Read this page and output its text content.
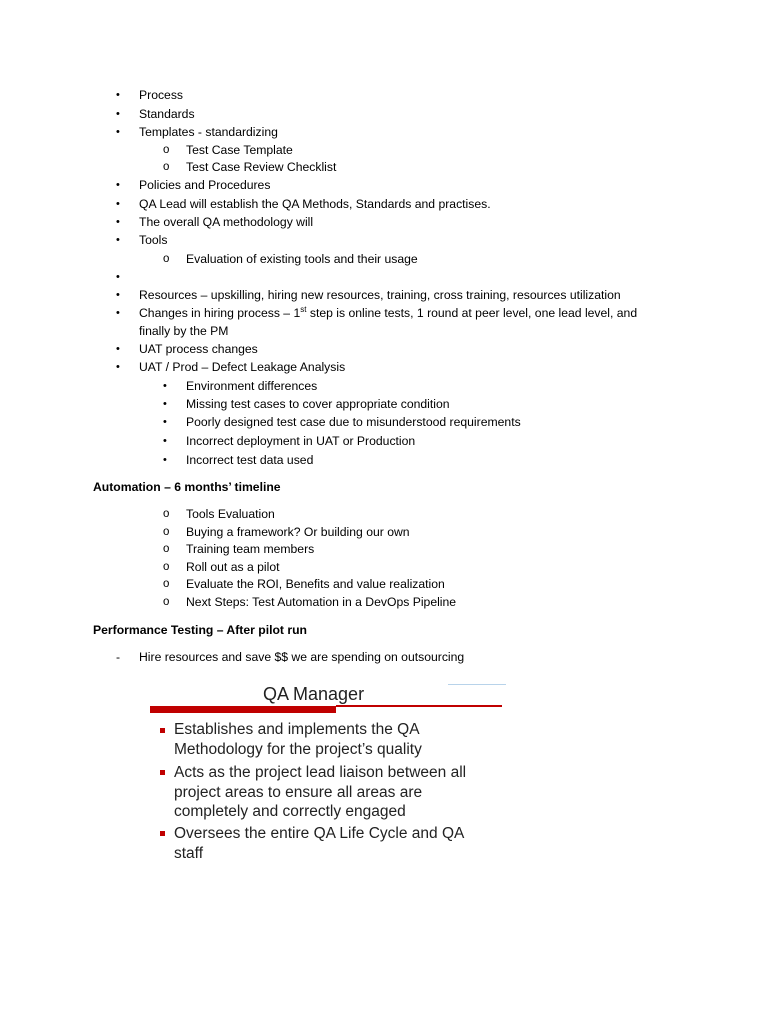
• Process
• Standards
• Templates - standardizing
o Test Case Template
o Test Case Review Checklist
• Policies and Procedures
• QA Lead will establish the QA Methods, Standards and practises.
• The overall QA methodology will
• Tools
o Evaluation of existing tools and their usage
•
• Resources – upskilling, hiring new resources, training, cross training, resources utilization
• Changes in hiring process – 1st step is online tests, 1 round at peer level, one lead level, and
finally by the PM
• UAT process changes
• UAT / Prod – Defect Leakage Analysis
• Environment differences
• Missing test cases to cover appropriate condition
• Poorly designed test case due to misunderstood requirements
• Incorrect deployment in UAT or Production
• Incorrect test data used
Automation – 6 months’ timeline
o Tools Evaluation
o Buying a framework? Or building our own
o Training team members
o Roll out as a pilot
o Evaluate the ROI, Benefits and value realization
o Next Steps: Test Automation in a DevOps Pipeline
Performance Testing – After pilot run
- Hire resources and save $$ we are spending on outsourcing
QA Manager
Establishes and implements the QA
Methodology for the project’s quality
Acts as the project lead liaison between all
project areas to ensure all areas are
completely and correctly engaged
Oversees the entire QA Life Cycle and QA
staff
